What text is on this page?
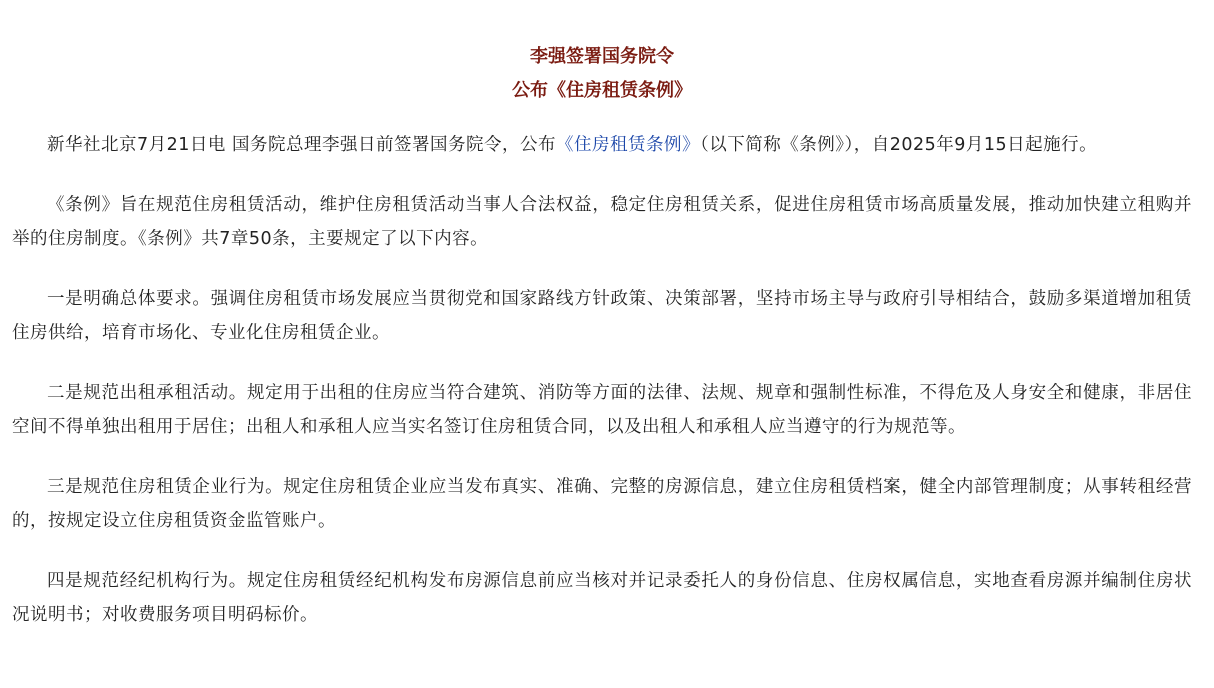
李强签署国务院令
公布《住房租赁条例》

新华社北京7月21日电 国务院总理李强日前签署国务院令，公布《住房租赁条例》（以下简称《条例》），自2025年9月15日起施行。

《条例》旨在规范住房租赁活动，维护住房租赁活动当事人合法权益，稳定住房租赁关系，促进住房租赁市场高质量发展，推动加快建立租购并举的住房制度。《条例》共7章50条，主要规定了以下内容。

一是明确总体要求。强调住房租赁市场发展应当贯彻党和国家路线方针政策、决策部署，坚持市场主导与政府引导相结合，鼓励多渠道增加租赁住房供给，培育市场化、专业化住房租赁企业。

二是规范出租承租活动。规定用于出租的住房应当符合建筑、消防等方面的法律、法规、规章和强制性标准，不得危及人身安全和健康，非居住空间不得单独出租用于居住；出租人和承租人应当实名签订住房租赁合同，以及出租人和承租人应当遵守的行为规范等。

三是规范住房租赁企业行为。规定住房租赁企业应当发布真实、准确、完整的房源信息，建立住房租赁档案，健全内部管理制度；从事转租经营的，按规定设立住房租赁资金监管账户。

四是规范经纪机构行为。规定住房租赁经纪机构发布房源信息前应当核对并记录委托人的身份信息、住房权属信息，实地查看房源并编制住房状况说明书；对收费服务项目明码标价。
